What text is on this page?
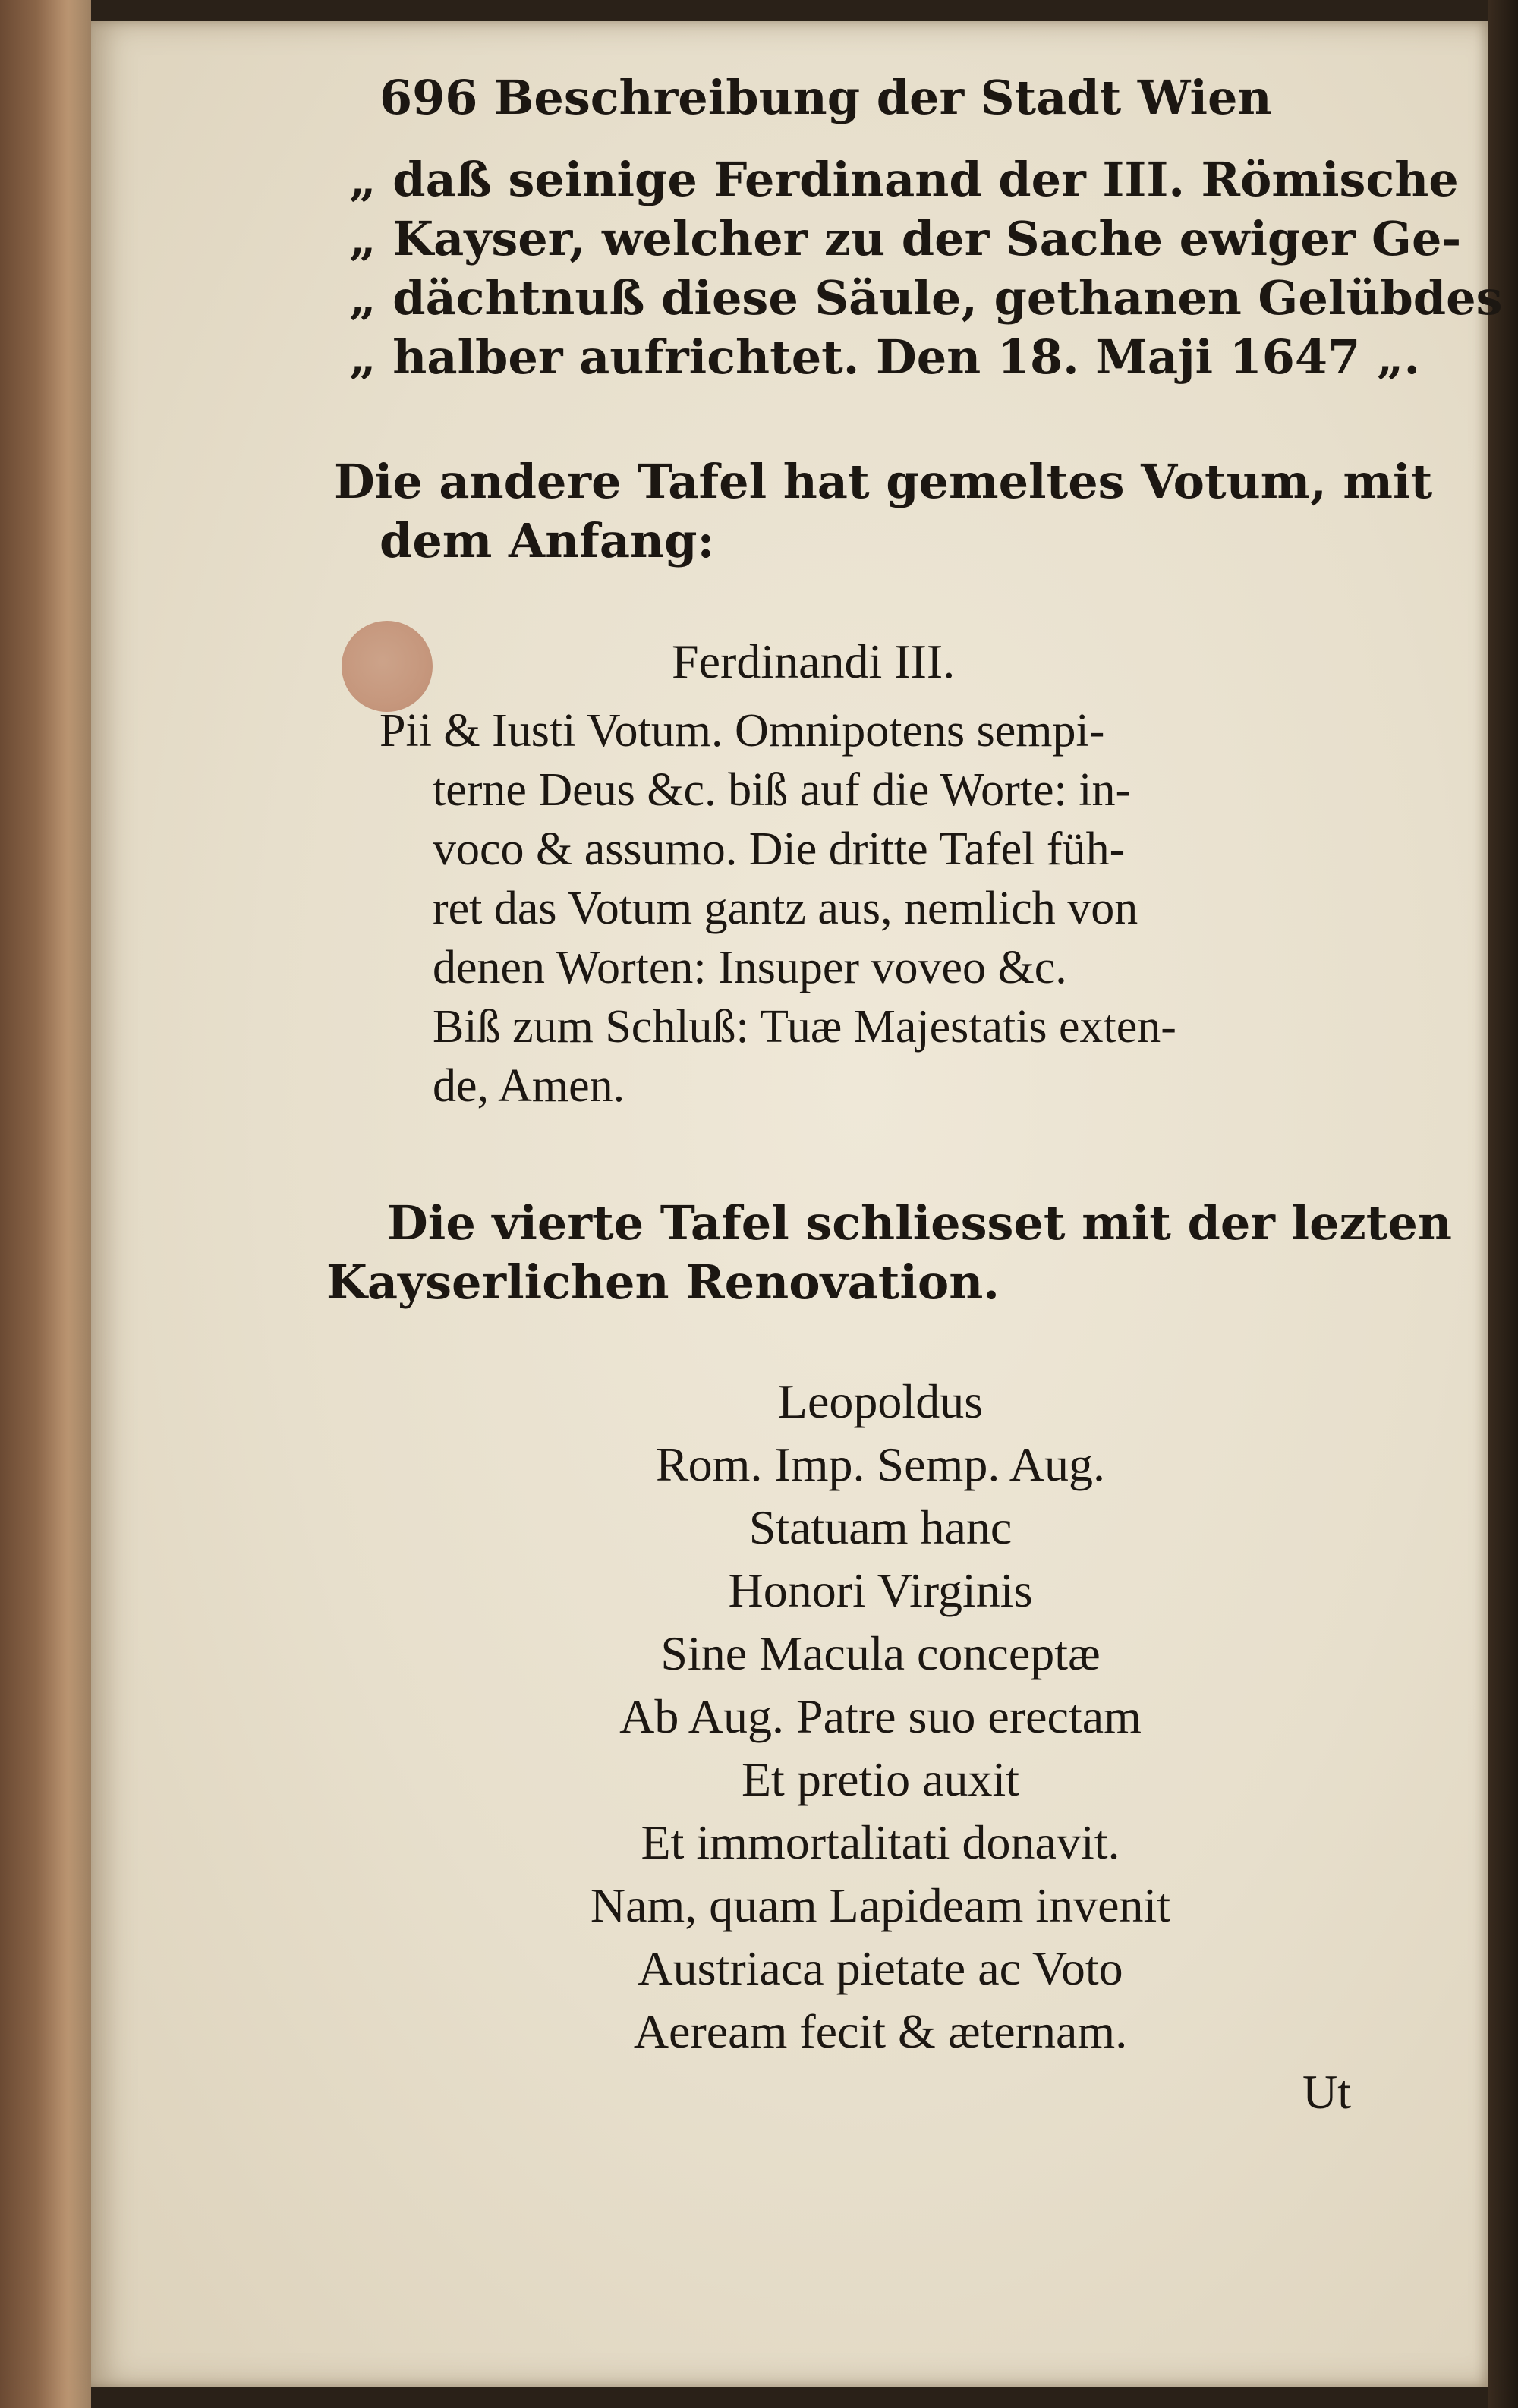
696 Beschreibung der Stadt Wien
„ daß seinige Ferdinand der III. Römische
„ Kayser, welcher zu der Sache ewiger Ge-
„ dächtnuß diese Säule, gethanen Gelübdes
„ halber aufrichtet. Den 18. Maji 1647 „.
Die andere Tafel hat gemeltes Votum, mit
dem Anfang:
Ferdinandi III.
Pii & Iusti Votum. Omnipotens sempi-
terne Deus &c. biß auf die Worte: in-
voco & assumo. Die dritte Tafel füh-
ret das Votum gantz aus, nemlich von
denen Worten: Insuper voveo &c.
Biß zum Schluß: Tuæ Majestatis exten-
de, Amen.
Die vierte Tafel schliesset mit der lezten
Kayserlichen Renovation.
Leopoldus
Rom. Imp. Semp. Aug.
Statuam hanc
Honori Virginis
Sine Macula conceptæ
Ab Aug. Patre suo erectam
Et pretio auxit
Et immortalitati donavit.
Nam, quam Lapideam invenit
Austriaca pietate ac Voto
Aeream fecit & æternam.
Ut
